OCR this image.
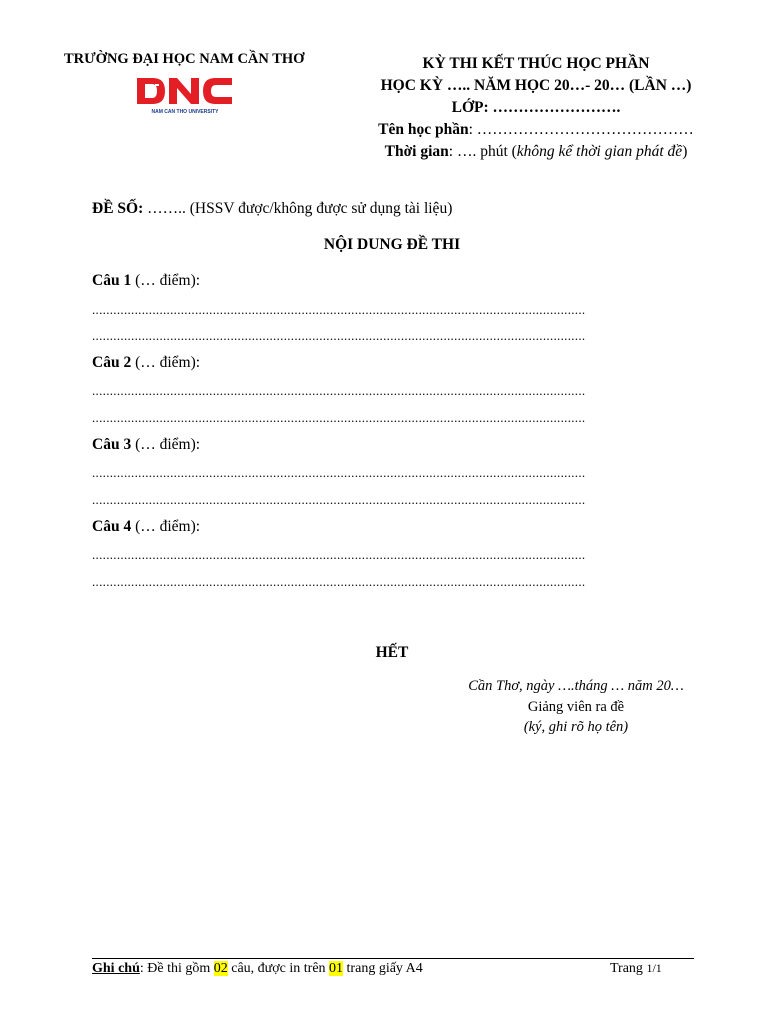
TRƯỜNG ĐẠI HỌC NAM CẦN THƠ
NAM CAN THO UNIVERSITY
KỲ THI KẾT THÚC HỌC PHẦN
HỌC KỲ ….. NĂM HỌC 20…- 20… (LẦN …)
LỚP: …………………….
Tên học phần: ……………………………………
Thời gian: …. phút (không kể thời gian phát đề)
ĐỀ SỐ: …….. (HSSV được/không được sử dụng tài liệu)
NỘI DUNG ĐỀ THI
Câu 1 (… điểm):
...........................................................................................................................................
...........................................................................................................................................
Câu 2 (… điểm):
...........................................................................................................................................
...........................................................................................................................................
Câu 3 (… điểm):
...........................................................................................................................................
...........................................................................................................................................
Câu 4 (… điểm):
...........................................................................................................................................
...........................................................................................................................................
HẾT
Cần Thơ, ngày ….tháng … năm 20…
Giảng viên ra đề
(ký, ghi rõ họ tên)
Ghi chú: Đề thi gồm 02 câu, được in trên 01 trang giấy A4	Trang 1/1
